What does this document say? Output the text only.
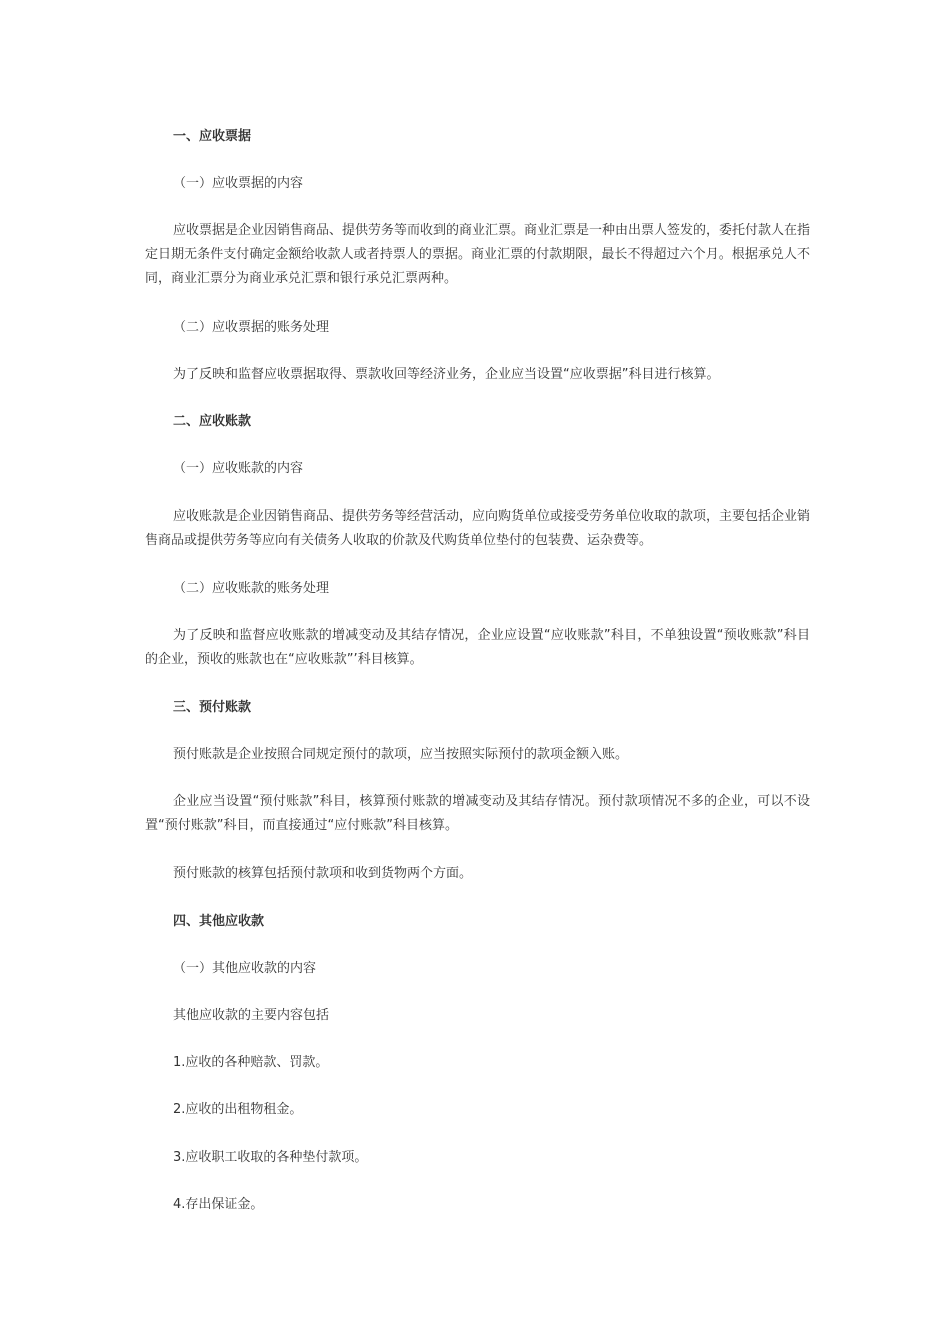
一、应收票据
（一）应收票据的内容
应收票据是企业因销售商品、提供劳务等而收到的商业汇票。商业汇票是一种由出票人签发的，委托付款人在指定日期无条件支付确定金额给收款人或者持票人的票据。商业汇票的付款期限，最长不得超过六个月。根据承兑人不同，商业汇票分为商业承兑汇票和银行承兑汇票两种。
（二）应收票据的账务处理
为了反映和监督应收票据取得、票款收回等经济业务，企业应当设置“应收票据”科目进行核算。
二、应收账款
（一）应收账款的内容
应收账款是企业因销售商品、提供劳务等经营活动，应向购货单位或接受劳务单位收取的款项，主要包括企业销售商品或提供劳务等应向有关债务人收取的价款及代购货单位垫付的包装费、运杂费等。
（二）应收账款的账务处理
为了反映和监督应收账款的增减变动及其结存情况，企业应设置“应收账款”科目，不单独设置“预收账款”科目的企业，预收的账款也在“应收账款”’科目核算。
三、预付账款
预付账款是企业按照合同规定预付的款项，应当按照实际预付的款项金额入账。
企业应当设置“预付账款”科目，核算预付账款的增减变动及其结存情况。预付款项情况不多的企业，可以不设置“预付账款”科目，而直接通过“应付账款”科目核算。
预付账款的核算包括预付款项和收到货物两个方面。
四、其他应收款
（一）其他应收款的内容
其他应收款的主要内容包括
1.应收的各种赔款、罚款。
2.应收的出租物租金。
3.应收职工收取的各种垫付款项。
4.存出保证金。
